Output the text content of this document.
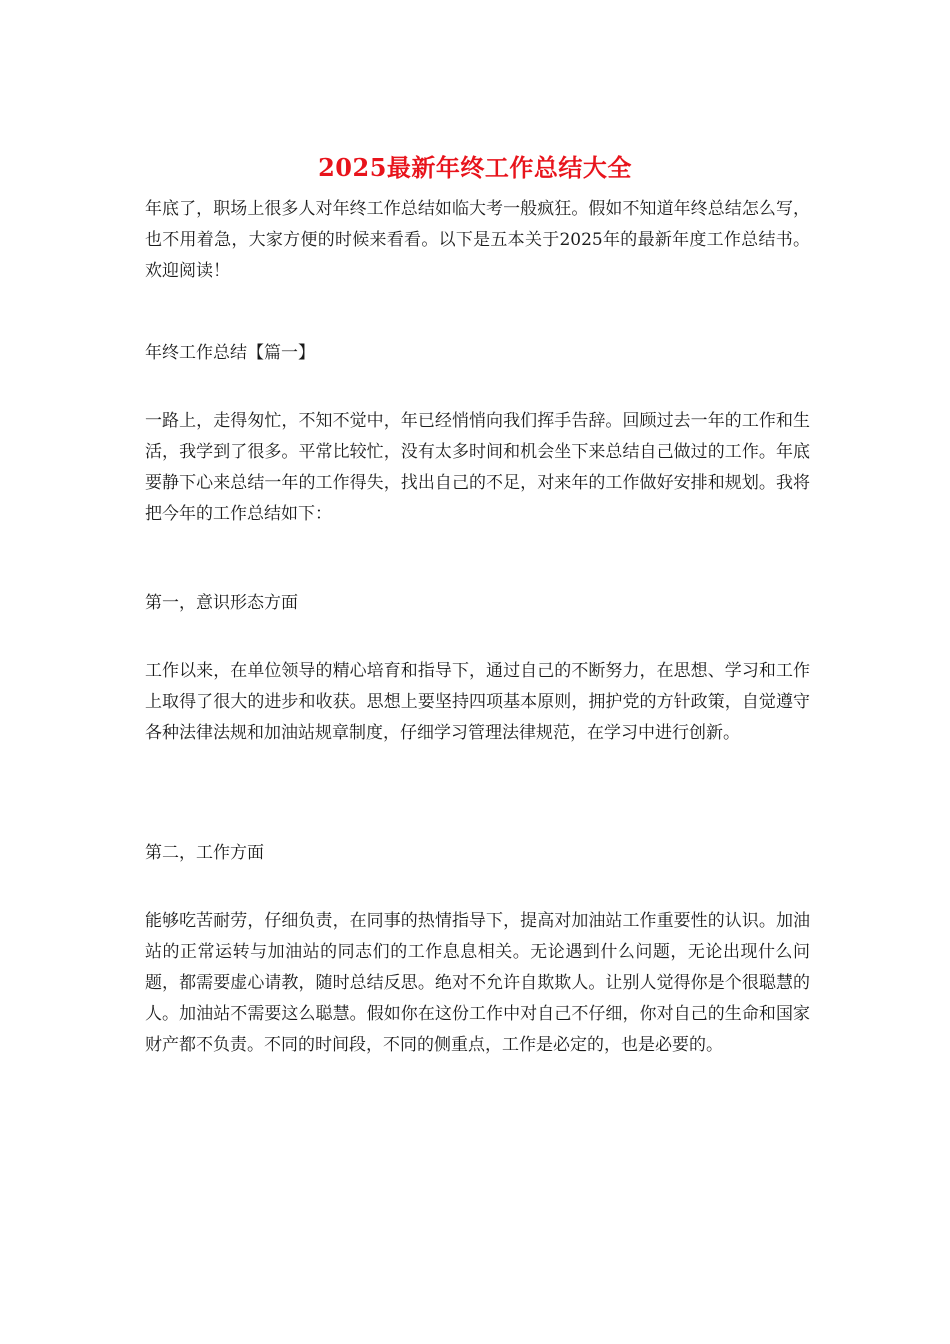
2025最新年终工作总结大全

年底了，职场上很多人对年终工作总结如临大考一般疯狂。假如不知道年终总结怎么写，也不用着急，大家方便的时候来看看。以下是五本关于2025年的最新年度工作总结书。欢迎阅读！

年终工作总结【篇一】

一路上，走得匆忙，不知不觉中，年已经悄悄向我们挥手告辞。回顾过去一年的工作和生活，我学到了很多。平常比较忙，没有太多时间和机会坐下来总结自己做过的工作。年底要静下心来总结一年的工作得失，找出自己的不足，对来年的工作做好安排和规划。我将把今年的工作总结如下：

第一，意识形态方面

工作以来，在单位领导的精心培育和指导下，通过自己的不断努力，在思想、学习和工作上取得了很大的进步和收获。思想上要坚持四项基本原则，拥护党的方针政策，自觉遵守各种法律法规和加油站规章制度，仔细学习管理法律规范，在学习中进行创新。

第二，工作方面

能够吃苦耐劳，仔细负责，在同事的热情指导下，提高对加油站工作重要性的认识。加油站的正常运转与加油站的同志们的工作息息相关。无论遇到什么问题，无论出现什么问题，都需要虚心请教，随时总结反思。绝对不允许自欺欺人。让别人觉得你是个很聪慧的人。加油站不需要这么聪慧。假如你在这份工作中对自己不仔细，你对自己的生命和国家财产都不负责。不同的时间段，不同的侧重点，工作是必定的，也是必要的。
